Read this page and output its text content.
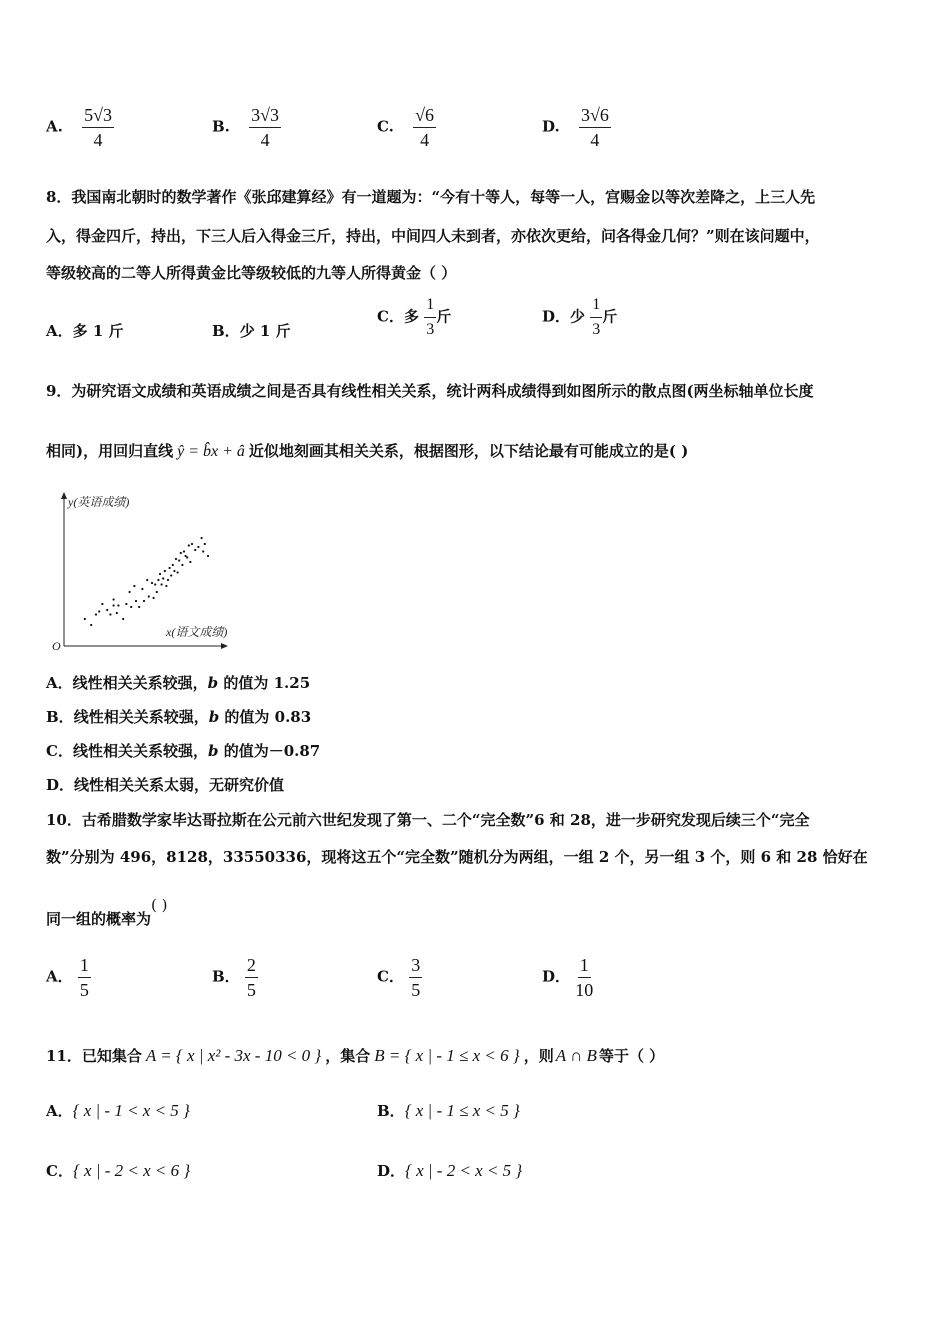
A. $\frac{5√3}{4}$	B. $\frac{3√3}{4}$	C. $\frac{√6}{4}$	D. $\frac{3√6}{4}$
8．我国南北朝时的数学著作《张邱建算经》有一道题为：“今有十等人，每等一人，宫赐金以等次差降之，上三人先
入，得金四斤，持出，下三人后入得金三斤，持出，中间四人未到者，亦依次更给，问各得金几何？”则在该问题中，
等级较高的二等人所得黄金比等级较低的九等人所得黄金（ ）
A．多 1 斤	B．少 1 斤
C．多 $\frac{1}{3}$ 斤	D．少 $\frac{1}{3}$ 斤
9．为研究语文成绩和英语成绩之间是否具有线性相关关系，统计两科成绩得到如图所示的散点图(两坐标轴单位长度
相同)，用回归直线 ŷ = b̂x + â 近似地刻画其相关关系，根据图形，以下结论最有可能成立的是( )
y(英语成绩)
x(语文成绩)
O
A．线性相关关系较强，b 的值为 1.25
B．线性相关关系较强，b 的值为 0.83
C．线性相关关系较强，b 的值为－0.87
D．线性相关关系太弱，无研究价值
10．古希腊数学家毕达哥拉斯在公元前六世纪发现了第一、二个“完全数”6 和 28，进一步研究发现后续三个“完全
数”分别为 496，8128，33550336，现将这五个“完全数”随机分为两组，一组 2 个，另一组 3 个，则 6 和 28 恰好在
同一组的概率为( )
A． $\frac{1}{5}$	B． $\frac{2}{5}$	C． $\frac{3}{5}$	D． $\frac{1}{10}$
11．已知集合 A = { x | x² - 3x - 10 < 0 } ，集合 B = { x | - 1 ≤ x < 6 } ，则 A ∩ B 等于（ ）
A．{ x | - 1 < x < 5 }	B．{ x | - 1 ≤ x < 5 }
C．{ x | - 2 < x < 6 }	D．{ x | - 2 < x < 5 }
